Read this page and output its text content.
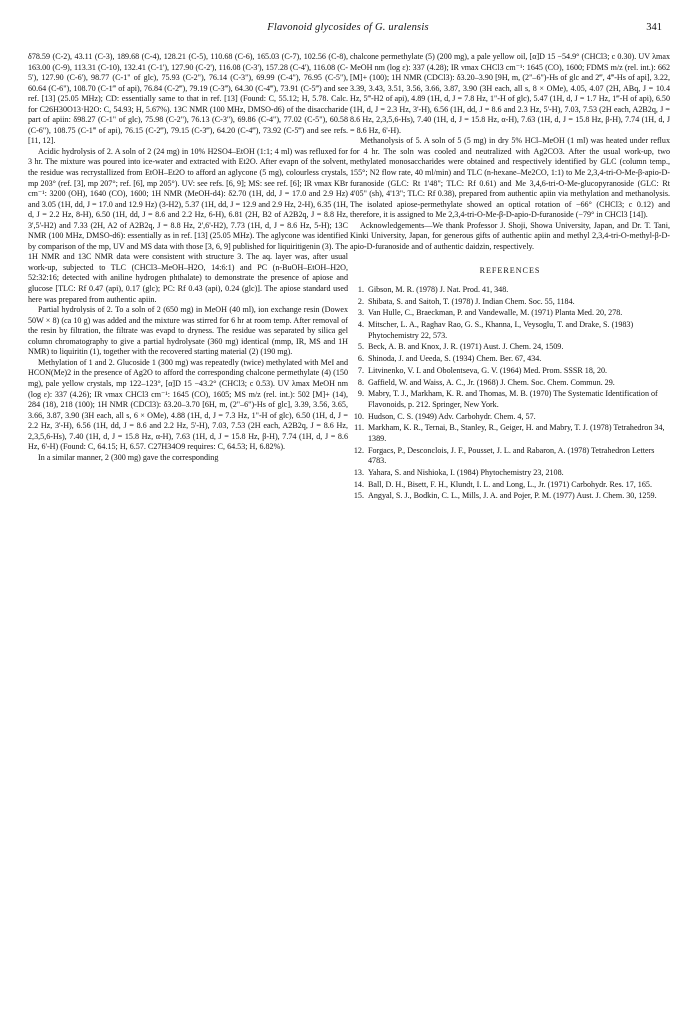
Flavonoid glycosides of G. uralensis	341

δ78.59 (C-2), 43.11 (C-3), 189.68 (C-4), 128.21 (C-5), 110.68 (C-6), 165.03 (C-7), 102.56 (C-8), 163.00 (C-9), 113.31 (C-10), 132.41 (C-1'), 127.90 (C-2'), 116.08 (C-3'), 157.28 (C-4'), 116.08 (C-5'), 127.90 (C-6'), 98.77 (C-1" of glc), 75.93 (C-2"), 76.14 (C-3"), 69.99 (C-4"), 76.95 (C-5"), 60.64 (C-6"), 108.70 (C-1‴ of api), 76.84 (C-2‴), 79.19 (C-3‴), 64.30 (C-4‴), 73.91 (C-5‴) and see ref. [13] (25.05 MHz); CD: essentially same to that in ref. [13] (Found: C, 55.12; H, 5.78. Calc. for C26H30O13·H2O: C, 54.93; H, 5.67%). 13C NMR (100 MHz, DMSO-d6) of the disaccharide part of apiin: δ98.27 (C-1" of glc), 75.98 (C-2"), 76.13 (C-3"), 69.86 (C-4"), 77.02 (C-5"), 60.58 (C-6"), 108.75 (C-1‴ of api), 76.15 (C-2‴), 79.15 (C-3‴), 64.20 (C-4‴), 73.92 (C-5‴) and see refs. [11, 12].

Acidic hydrolysis of 2. A soln of 2 (24 mg) in 10% H2SO4–EtOH (1:1; 4 ml) was refluxed for 3 hr. The mixture was poured into ice-water and extracted with Et2O. After evapn of the solvent, the residue was recrystallized from EtOH–Et2O to afford an aglycone (5 mg), colourless crystals, mp 203° (ref. [3], mp 207°; ref. [6], mp 205°). UV: see refs. [6, 9]; MS: see ref. [6]; IR νmax KBr cm⁻¹: 3200 (OH), 1640 (CO), 1600; 1H NMR (MeOH-d4): δ2.70 (1H, dd, J = 17.0 and 2.9 Hz) and 3.05 (1H, dd, J = 17.0 and 12.9 Hz) (3-H2), 5.37 (1H, dd, J = 12.9 and 2.9 Hz, 2-H), 6.35 (1H, d, J = 2.2 Hz, 8-H), 6.50 (1H, dd, J = 8.6 and 2.2 Hz, 6-H), 6.81 (2H, B2 of A2B2q, J = 8.8 Hz, 3',5'-H2) and 7.33 (2H, A2 of A2B2q, J = 8.8 Hz, 2',6'-H2), 7.73 (1H, d, J = 8.6 Hz, 5-H); 13C NMR (100 MHz, DMSO-d6): essentially as in ref. [13] (25.05 MHz). The aglycone was identified by comparison of the mp, UV and MS data with those [3, 6, 9] published for liquiritigenin (3). The 1H NMR and 13C NMR data were consistent with structure 3. The aq. layer was, after usual work-up, subjected to TLC (CHCl3–MeOH–H2O, 14:6:1) and PC (n-BuOH–EtOH–H2O, 52:32:16; detected with aniline hydrogen phthalate) to demonstrate the presence of apiose and glucose [TLC: Rf 0.47 (api), 0.17 (glc); PC: Rf 0.43 (api), 0.24 (glc)]. The apiose standard used here was prepared from authentic apiin.

Partial hydrolysis of 2. To a soln of 2 (650 mg) in MeOH (40 ml), ion exchange resin (Dowex 50W × 8) (ca 10 g) was added and the mixture was stirred for 6 hr at room temp. After removal of the resin by filtration, the filtrate was evapd to dryness. The residue was separated by silica gel column chromatography to give a partial hydrolysate (360 mg) identical (mmp, IR, MS and 1H NMR) to liquiritin (1), together with the recovered starting material (2) (190 mg).

Methylation of 1 and 2. Glucoside 1 (300 mg) was repeatedly (twice) methylated with MeI and HCON(Me)2 in the presence of Ag2O to afford the corresponding chalcone permethylate (4) (150 mg), pale yellow crystals, mp 122–123°, [α]D 15 −43.2° (CHCl3; c 0.53). UV λmax MeOH nm (log ε): 337 (4.26); IR νmax CHCl3 cm⁻¹: 1645 (CO), 1605; MS m/z (rel. int.): 502 [M]+ (14), 284 (18), 218 (100); 1H NMR (CDCl3): δ3.20–3.70 [6H, m, (2"–6")-Hs of glc], 3.39, 3.56, 3.65, 3.66, 3.87, 3.90 (3H each, all s, 6 × OMe), 4.88 (1H, d, J = 7.3 Hz, 1"-H of glc), 6.50 (1H, d, J = 2.2 Hz, 3'-H), 6.56 (1H, dd, J = 8.6 and 2.2 Hz, 5'-H), 7.03, 7.53 (2H each, A2B2q, J = 8.6 Hz, 2,3,5,6-Hs), 7.40 (1H, d, J = 15.8 Hz, α-H), 7.63 (1H, d, J = 15.8 Hz, β-H), 7.74 (1H, d, J = 8.6 Hz, 6'-H) (Found: C, 64.15; H, 6.57. C27H34O9 requires: C, 64.53; H, 6.82%).

In a similar manner, 2 (300 mg) gave the corresponding

chalcone permethylate (5) (200 mg), a pale yellow oil, [α]D 15 −54.9° (CHCl3; c 0.30). UV λmax MeOH nm (log ε): 337 (4.28); IR νmax CHCl3 cm⁻¹: 1645 (CO), 1600; FDMS m/z (rel. int.): 662 [M]+ (100); 1H NMR (CDCl3): δ3.20–3.90 [9H, m, (2"–6")-Hs of glc and 2‴, 4‴-Hs of api], 3.22, 3.39, 3.43, 3.51, 3.56, 3.66, 3.87, 3.90 (3H each, all s, 8 × OMe), 4.05, 4.07 (2H, ABq, J = 10.4 Hz, 5‴-H2 of api), 4.89 (1H, d, J = 7.8 Hz, 1"-H of glc), 5.47 (1H, d, J = 1.7 Hz, 1‴-H of api), 6.50 (1H, d, J = 2.3 Hz, 3'-H), 6.56 (1H, dd, J = 8.6 and 2.3 Hz, 5'-H), 7.03, 7.53 (2H each, A2B2q, J = 8.6 Hz, 2,3,5,6-Hs), 7.40 (1H, d, J = 15.8 Hz, α-H), 7.63 (1H, d, J = 15.8 Hz, β-H), 7.74 (1H, d, J = 8.6 Hz, 6'-H).

Methanolysis of 5. A soln of 5 (5 mg) in dry 5% HCl–MeOH (1 ml) was heated under reflux for 4 hr. The soln was cooled and neutralized with Ag2CO3. After the usual work-up, two methylated monosaccharides were obtained and respectively identified by GLC (column temp., 155°; N2 flow rate, 40 ml/min) and TLC (n-hexane–Me2CO, 1:1) to Me 2,3,4-tri-O-Me-β-apio-D-furanoside (GLC: Rt 1'48"; TLC: Rf 0.61) and Me 3,4,6-tri-O-Me-glucopyranoside (GLC: Rt 4'05" (sh), 4'13"; TLC: Rf 0.38), prepared from authentic apiin via methylation and methanolysis. The isolated apiose-permethylate showed an optical rotation of −66° (CHCl3; c 0.12) and therefore, it is assigned to Me 2,3,4-tri-O-Me-β-D-apio-D-furanoside (−79° in CHCl3 [14]).

Acknowledgements—We thank Professor J. Shoji, Showa University, Japan, and Dr. T. Tani, Kinki University, Japan, for generous gifts of authentic apiin and methyl 2,3,4-tri-O-methyl-β-D-apio-D-furanoside and of authentic daidzin, respectively.

REFERENCES
1. Gibson, M. R. (1978) J. Nat. Prod. 41, 348.
2. Shibata, S. and Saitoh, T. (1978) J. Indian Chem. Soc. 55, 1184.
3. Van Hulle, C., Braeckman, P. and Vandewalle, M. (1971) Planta Med. 20, 278.
4. Mitscher, L. A., Raghav Rao, G. S., Khanna, I., Veysoglu, T. and Drake, S. (1983) Phytochemistry 22, 573.
5. Beck, A. B. and Knox, J. R. (1971) Aust. J. Chem. 24, 1509.
6. Shinoda, J. and Ueeda, S. (1934) Chem. Ber. 67, 434.
7. Litvinenko, V. I. and Obolentseva, G. V. (1964) Med. Prom. SSSR 18, 20.
8. Gaffield, W. and Waiss, A. C., Jr. (1968) J. Chem. Soc. Chem. Commun. 29.
9. Mabry, T. J., Markham, K. R. and Thomas, M. B. (1970) The Systematic Identification of Flavonoids, p. 212. Springer, New York.
10. Hudson, C. S. (1949) Adv. Carbohydr. Chem. 4, 57.
11. Markham, K. R., Ternai, B., Stanley, R., Geiger, H. and Mabry, T. J. (1978) Tetrahedron 34, 1389.
12. Forgacs, P., Desconclois, J. F., Pousset, J. L. and Rabaron, A. (1978) Tetrahedron Letters 4783.
13. Yahara, S. and Nishioka, I. (1984) Phytochemistry 23, 2108.
14. Ball, D. H., Bisett, F. H., Klundt, I. L. and Long, L., Jr. (1971) Carbohydr. Res. 17, 165.
15. Angyal, S. J., Bodkin, C. L., Mills, J. A. and Pojer, P. M. (1977) Aust. J. Chem. 30, 1259.
